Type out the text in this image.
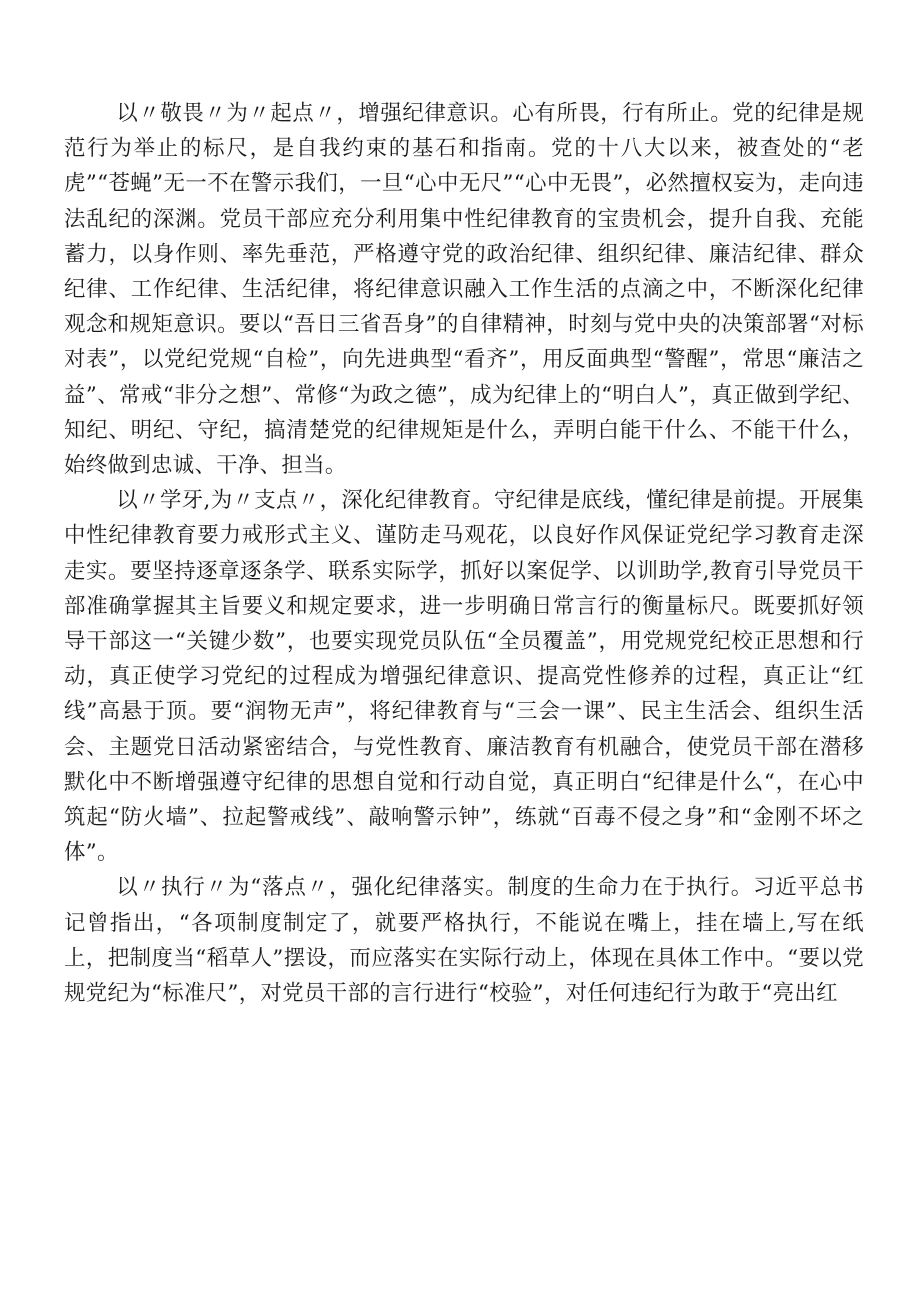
以〃敬畏〃为〃起点〃，增强纪律意识。心有所畏，行有所止。党的纪律是规范行为举止的标尺，是自我约束的基石和指南。党的十八大以来，被查处的“老虎”“苍蝇”无一不在警示我们，一旦“心中无尺”“心中无畏”，必然擅权妄为，走向违法乱纪的深渊。党员干部应充分利用集中性纪律教育的宝贵机会，提升自我、充能蓄力，以身作则、率先垂范，严格遵守党的政治纪律、组织纪律、廉洁纪律、群众纪律、工作纪律、生活纪律，将纪律意识融入工作生活的点滴之中，不断深化纪律观念和规矩意识。要以“吾日三省吾身”的自律精神，时刻与党中央的决策部署“对标对表”，以党纪党规“自检”，向先进典型“看齐”，用反面典型“警醒”，常思“廉洁之益”、常戒“非分之想”、常修“为政之德”，成为纪律上的“明白人”，真正做到学纪、知纪、明纪、守纪，搞清楚党的纪律规矩是什么，弄明白能干什么、不能干什么，始终做到忠诚、干净、担当。

以〃学牙,为〃支点〃，深化纪律教育。守纪律是底线，懂纪律是前提。开展集中性纪律教育要力戒形式主义、谨防走马观花，以良好作风保证党纪学习教育走深走实。要坚持逐章逐条学、联系实际学，抓好以案促学、以训助学,教育引导党员干部准确掌握其主旨要义和规定要求，进一步明确日常言行的衡量标尺。既要抓好领导干部这一“关键少数”，也要实现党员队伍“全员覆盖”，用党规党纪校正思想和行动，真正使学习党纪的过程成为增强纪律意识、提高党性修养的过程，真正让“红线”高悬于顶。要“润物无声”，将纪律教育与“三会一课”、民主生活会、组织生活会、主题党日活动紧密结合，与党性教育、廉洁教育有机融合，使党员干部在潜移默化中不断增强遵守纪律的思想自觉和行动自觉，真正明白“纪律是什么“，在心中筑起“防火墙”、拉起警戒线”、敲响警示钟”，练就“百毒不侵之身”和“金刚不坏之体”。

以〃执行〃为“落点〃，强化纪律落实。制度的生命力在于执行。习近平总书记曾指出，“各项制度制定了，就要严格执行，不能说在嘴上，挂在墙上,写在纸上，把制度当“稻草人”摆设，而应落实在实际行动上，体现在具体工作中。“要以党规党纪为“标准尺”，对党员干部的言行进行“校验”，对任何违纪行为敢于“亮出红
